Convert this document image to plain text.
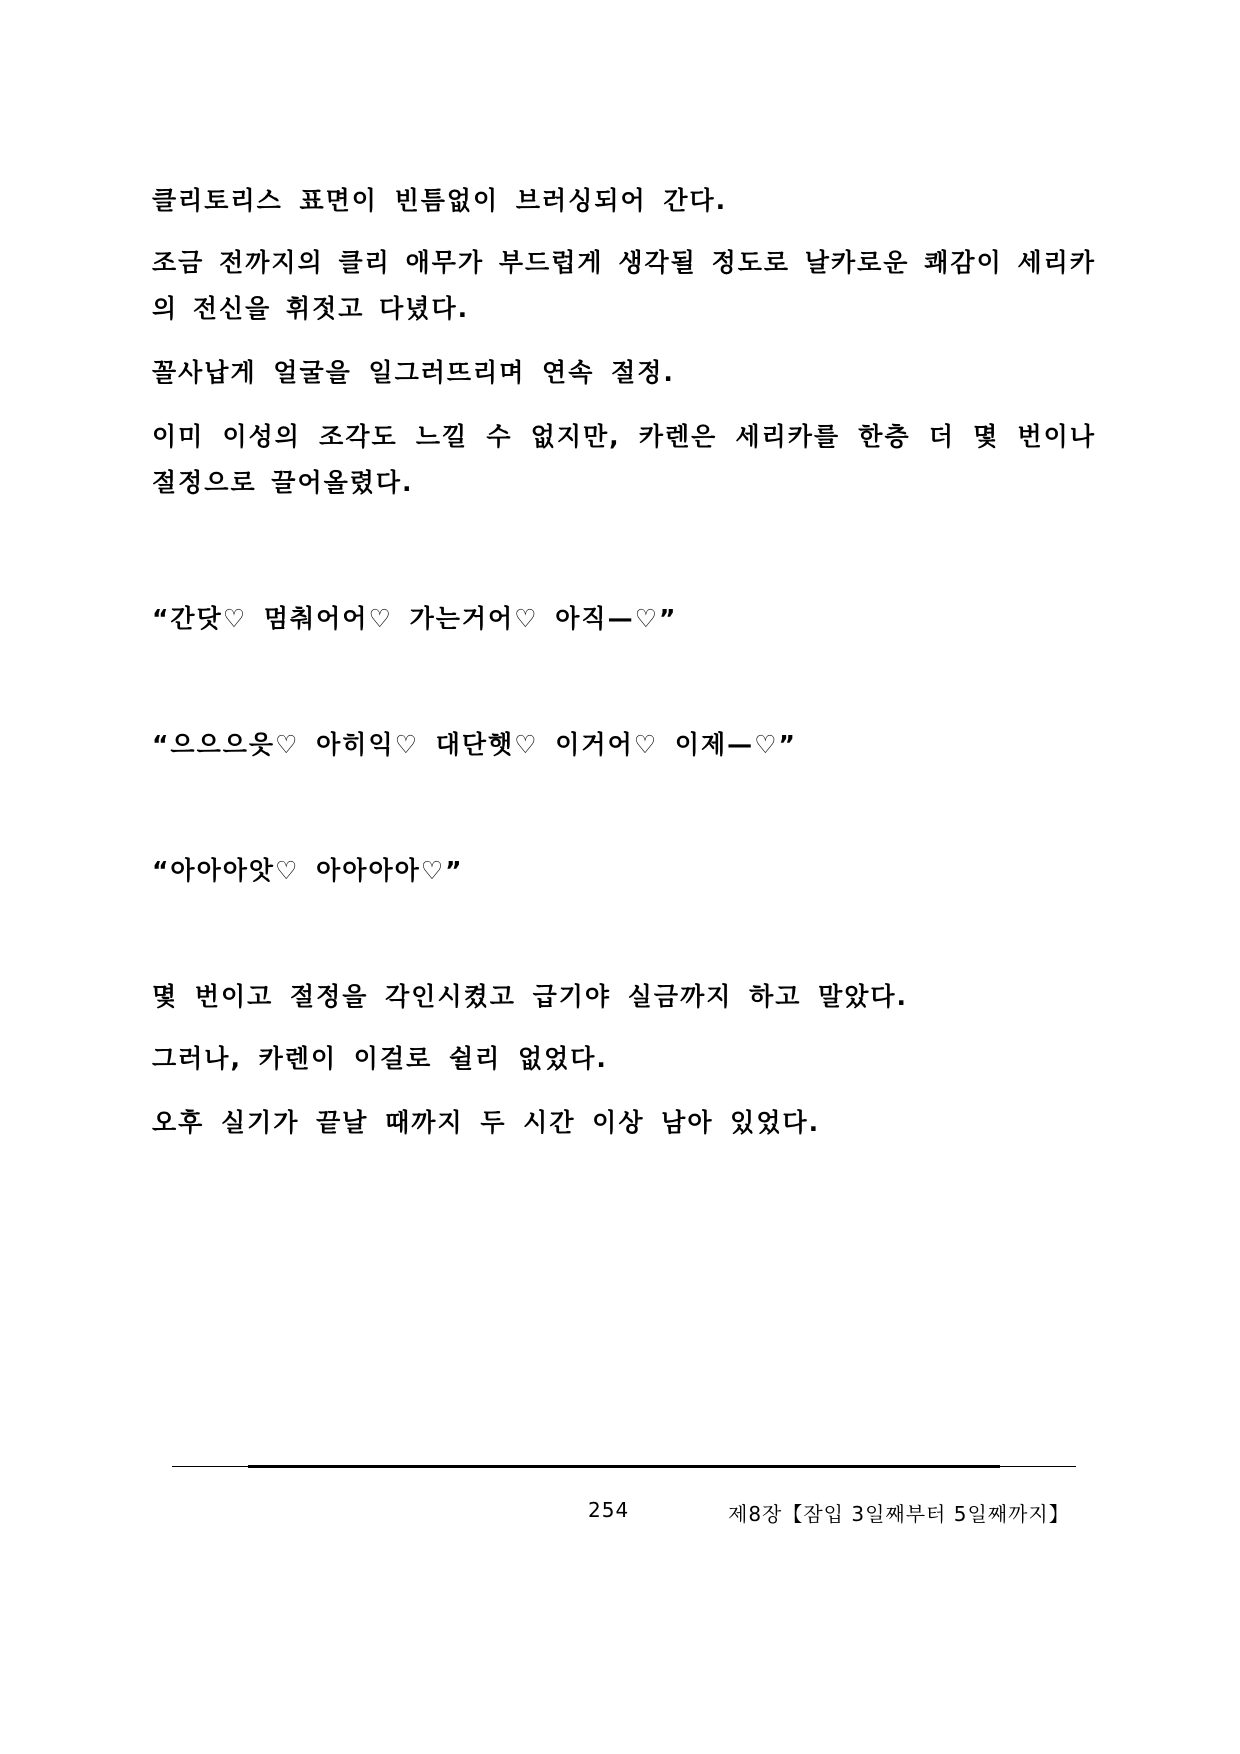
클리토리스 표면이 빈틈없이 브러싱되어 간다.

조금 전까지의 클리 애무가 부드럽게 생각될 정도로 날카로운 쾌감이 세리카의 전신을 휘젓고 다녔다.

꼴사납게 얼굴을 일그러뜨리며 연속 절정.

이미 이성의 조각도 느낄 수 없지만, 카렌은 세리카를 한층 더 몇 번이나 절정으로 끌어올렸다.

“간닷♡ 멈춰어어♡ 가는거어♡ 아직—♡”

“으으으읏♡ 아히익♡ 대단햇♡ 이거어♡ 이제—♡”

“아아아앗♡ 아아아아♡”

몇 번이고 절정을 각인시켰고 급기야 실금까지 하고 말았다.

그러나, 카렌이 이걸로 쉴리 없었다.

오후 실기가 끝날 때까지 두 시간 이상 남아 있었다.

254	제8장【잠입 3일째부터 5일째까지】
